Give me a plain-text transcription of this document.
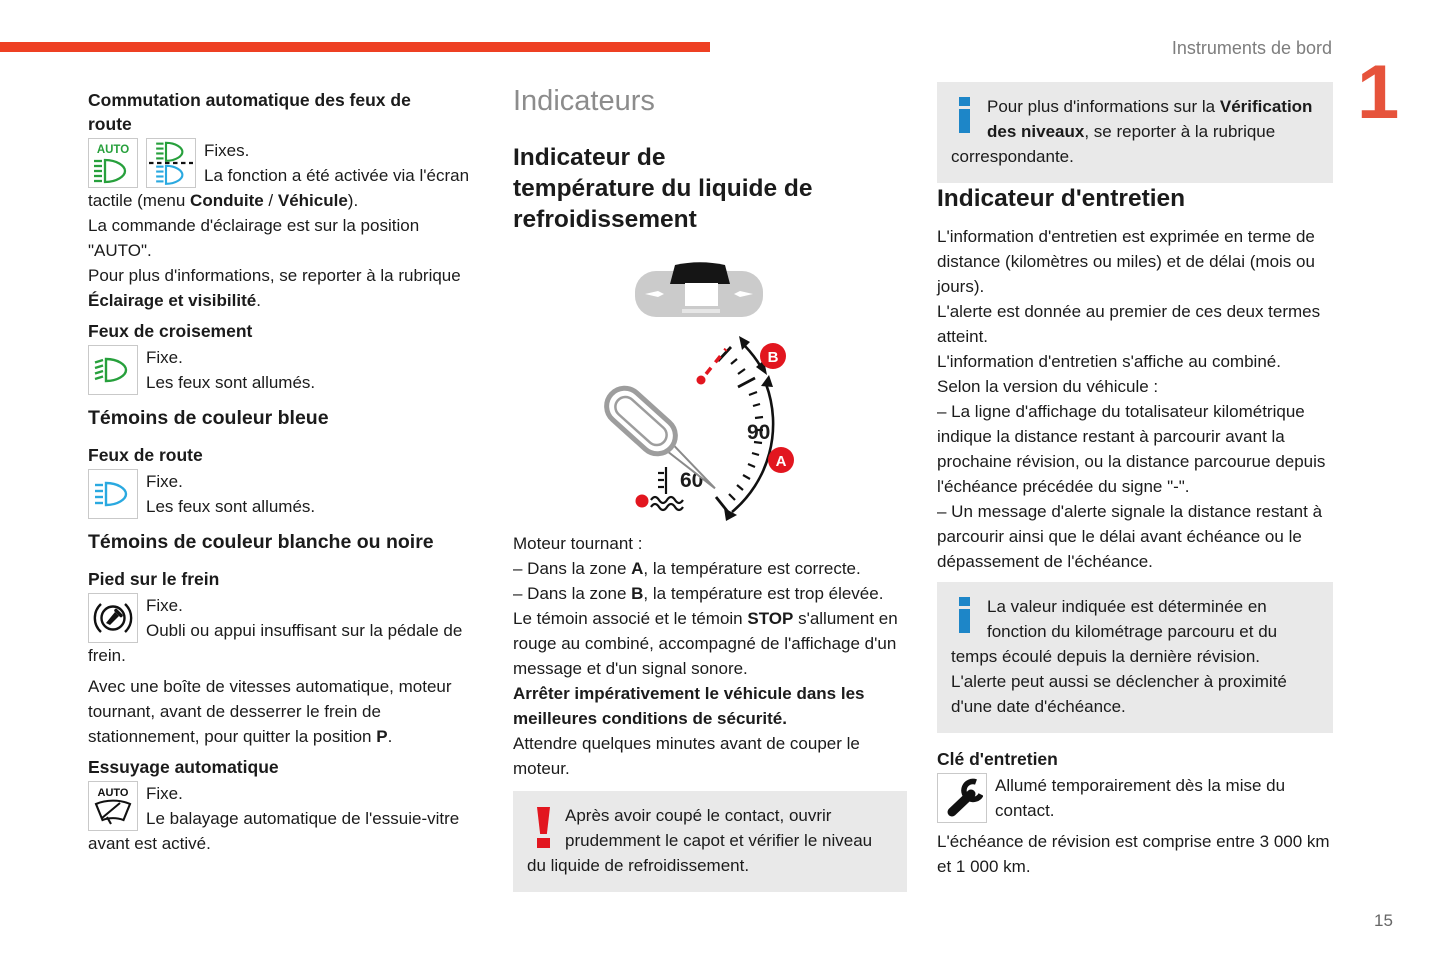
Instruments de bord
1
15
Commutation automatique des feux de route
AUTO	Fixes.

La fonction a été activée via l'écran tactile (menu Conduite / Véhicule).

La commande d'éclairage est sur la position "AUTO".

Pour plus d'informations, se reporter à la rubrique Éclairage et visibilité.

Feux de croisement
Fixe.

Les feux sont allumés.

Témoins de couleur bleue
Feux de route
Fixe.

Les feux sont allumés.

Témoins de couleur blanche ou noire
Pied sur le frein
Fixe.

Oubli ou appui insuffisant sur la pédale de frein.

Avec une boîte de vitesses automatique, moteur tournant, avant de desserrer le frein de stationnement, pour quitter la position P.

Essuyage automatique
AUTO	Fixe.

Le balayage automatique de l'essuie-vitre avant est activé.

Indicateurs
Indicateur de
température du liquide de
refroidissement
90
60
B
A

Moteur tournant :

– Dans la zone A, la température est correcte.

– Dans la zone B, la température est trop élevée. Le témoin associé et le témoin STOP s'allument en rouge au combiné, accompagné de l'affichage d'un message et d'un signal sonore.

Arrêter impérativement le véhicule dans les meilleures conditions de sécurité.

Attendre quelques minutes avant de couper le moteur.

Après avoir coupé le contact, ouvrir prudemment le capot et vérifier le niveau du liquide de refroidissement.

Pour plus d'informations sur la Vérification des niveaux, se reporter à la rubrique correspondante.

Indicateur d'entretien

L'information d'entretien est exprimée en terme de distance (kilomètres ou miles) et de délai (mois ou jours).

L'alerte est donnée au premier de ces deux termes atteint.

L'information d'entretien s'affiche au combiné.

Selon la version du véhicule :

– La ligne d'affichage du totalisateur kilométrique indique la distance restant à parcourir avant la prochaine révision, ou la distance parcourue depuis l'échéance précédée du signe "-".

– Un message d'alerte signale la distance restant à parcourir ainsi que le délai avant échéance ou le dépassement de l'échéance.

La valeur indiquée est déterminée en fonction du kilométrage parcouru et du temps écoulé depuis la dernière révision. L'alerte peut aussi se déclencher à proximité d'une date d'échéance.

Clé d'entretien
Allumé temporairement dès la mise du contact.

L'échéance de révision est comprise entre 3 000 km et 1 000 km.
